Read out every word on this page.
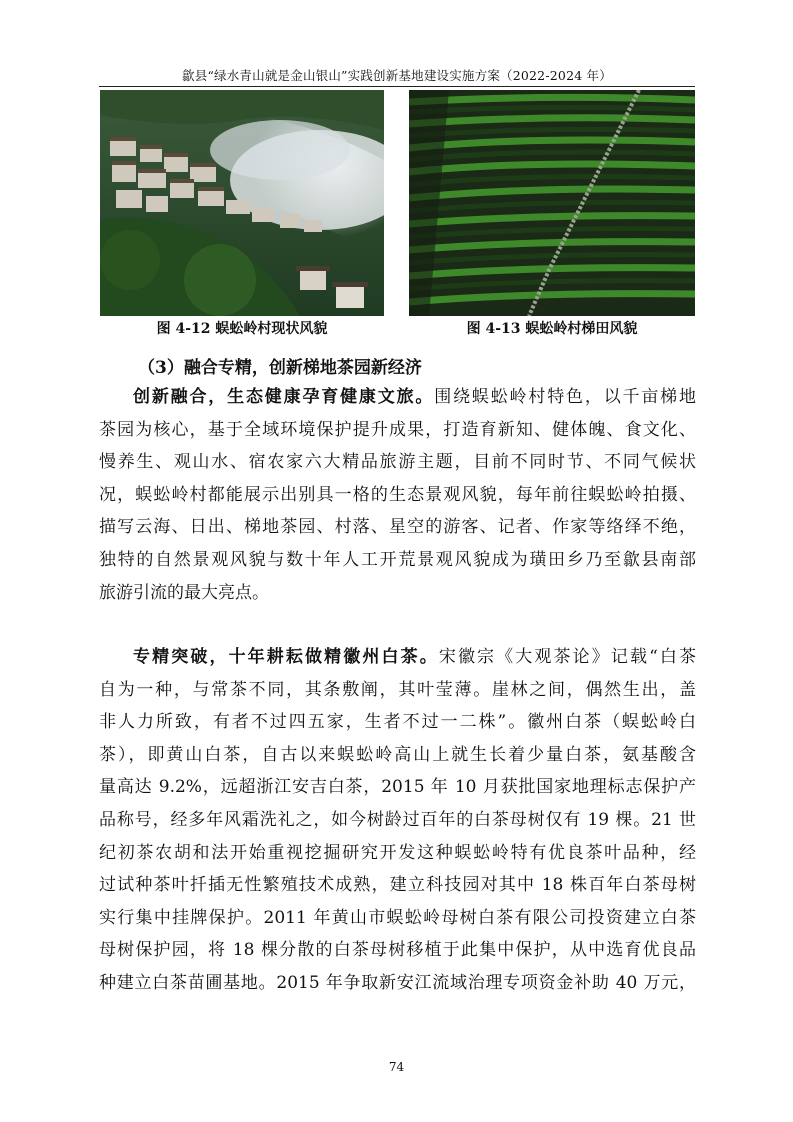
歙县“绿水青山就是金山银山”实践创新基地建设实施方案（2022-2024 年）
图 4-12 蜈蚣岭村现状风貌	图 4-13 蜈蚣岭村梯田风貌
（3）融合专精，创新梯地茶园新经济
创新融合，生态健康孕育健康文旅。围绕蜈蚣岭村特色，以千亩梯地
茶园为核心，基于全域环境保护提升成果，打造育新知、健体魄、食文化、
慢养生、观山水、宿农家六大精品旅游主题，目前不同时节、不同气候状
况，蜈蚣岭村都能展示出别具一格的生态景观风貌，每年前往蜈蚣岭拍摄、
描写云海、日出、梯地茶园、村落、星空的游客、记者、作家等络绎不绝，
独特的自然景观风貌与数十年人工开荒景观风貌成为璜田乡乃至歙县南部
旅游引流的最大亮点。
专精突破，十年耕耘做精徽州白茶。宋徽宗《大观茶论》记载“白茶
自为一种，与常茶不同，其条敷阐，其叶莹薄。崖林之间，偶然生出，盖
非人力所致，有者不过四五家，生者不过一二株”。徽州白茶（蜈蚣岭白
茶），即黄山白茶，自古以来蜈蚣岭高山上就生长着少量白茶，氨基酸含
量高达 9.2%，远超浙江安吉白茶，2015 年 10 月获批国家地理标志保护产
品称号，经多年风霜洗礼之，如今树龄过百年的白茶母树仅有 19 棵。21 世
纪初茶农胡和法开始重视挖掘研究开发这种蜈蚣岭特有优良茶叶品种，经
过试种茶叶扦插无性繁殖技术成熟，建立科技园对其中 18 株百年白茶母树
实行集中挂牌保护。2011 年黄山市蜈蚣岭母树白茶有限公司投资建立白茶
母树保护园，将 18 棵分散的白茶母树移植于此集中保护，从中选育优良品
种建立白茶苗圃基地。2015 年争取新安江流域治理专项资金补助 40 万元，
74
